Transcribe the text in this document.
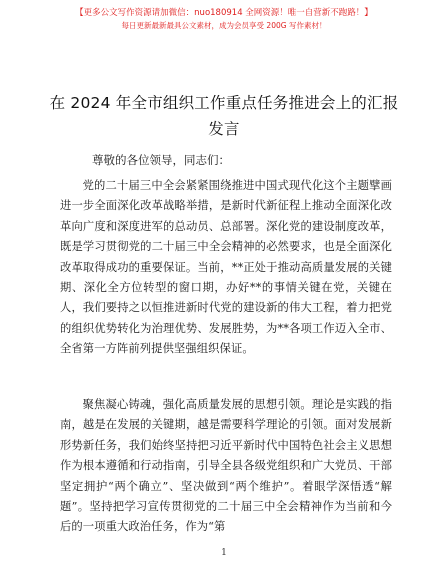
【更多公文写作资源请加微信：nuo180914 全网资源！唯一自营新不跑路！】
每日更新最新最具公文素材，成为会员享受 200G 写作素材！
在 2024 年全市组织工作重点任务推进会上的汇报发言
尊敬的各位领导，同志们：
党的二十届三中全会紧紧围绕推进中国式现代化这个主题擘画进一步全面深化改革战略举措，是新时代新征程上推动全面深化改革向广度和深度进军的总动员、总部署。深化党的建设制度改革，既是学习贯彻党的二十届三中全会精神的必然要求，也是全面深化改革取得成功的重要保证。当前，**正处于推动高质量发展的关键期、深化全方位转型的窗口期，办好**的事情关键在党，关键在人，我们要持之以恒推进新时代党的建设新的伟大工程，着力把党的组织优势转化为治理优势、发展胜势，为**各项工作迈入全市、全省第一方阵前列提供坚强组织保证。
聚焦凝心铸魂，强化高质量发展的思想引领。理论是实践的指南，越是在发展的关键期，越是需要科学理论的引领。面对发展新形势新任务，我们始终坚持把习近平新时代中国特色社会主义思想作为根本遵循和行动指南，引导全县各级党组织和广大党员、干部坚定拥护“两个确立”、坚决做到“两个维护”。着眼学深悟透“解题”。坚持把学习宣传贯彻党的二十届三中全会精神作为当前和今后的一项重大政治任务，作为“第
1
